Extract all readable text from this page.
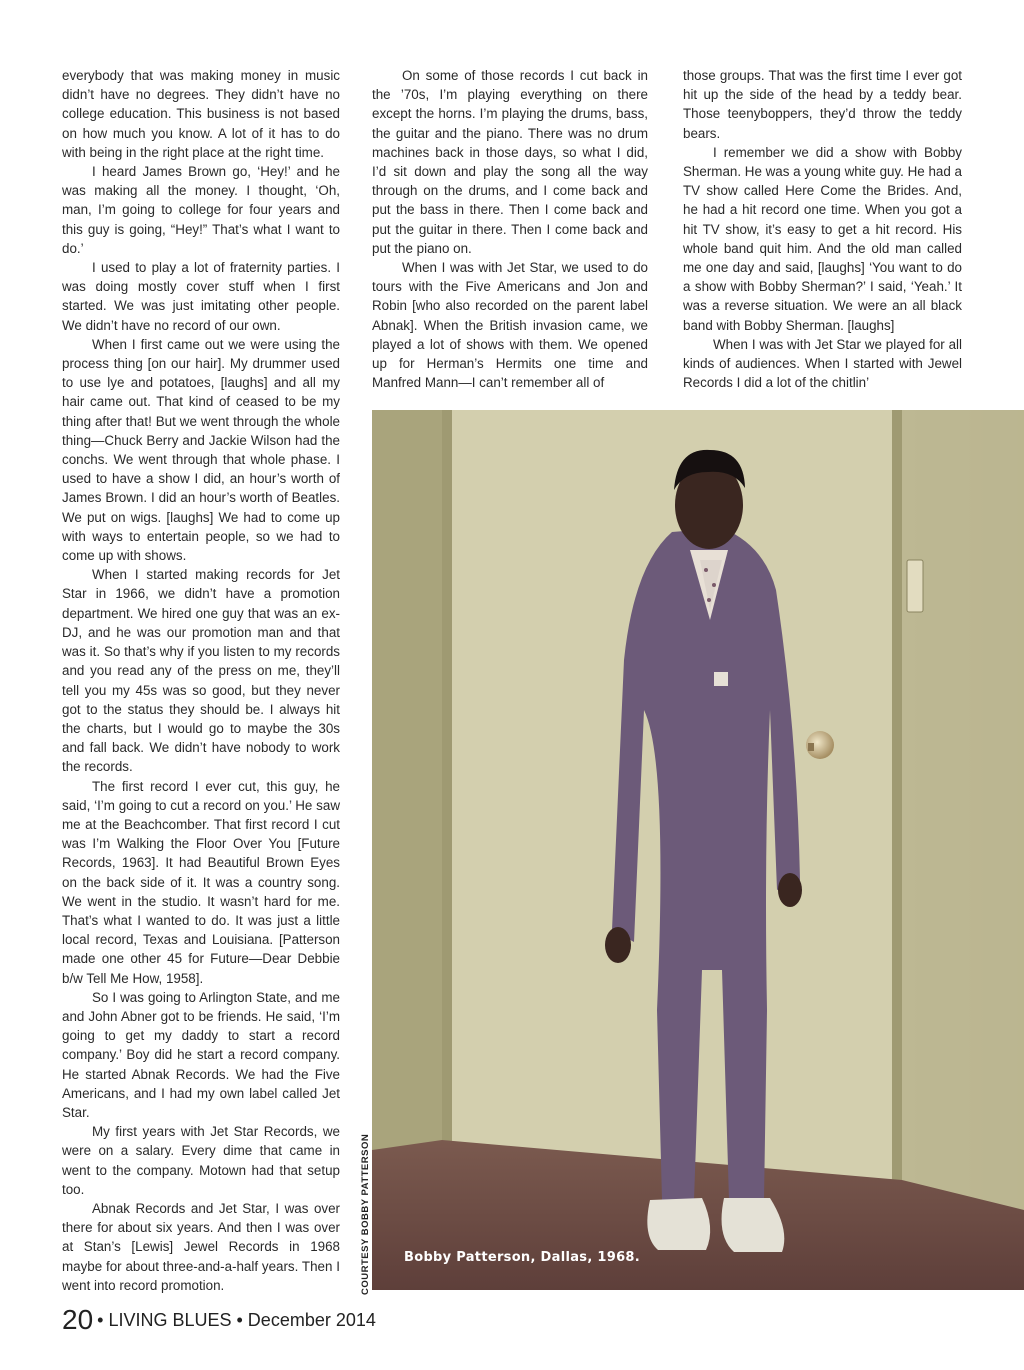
everybody that was making money in music didn’t have no degrees. They didn’t have no college education. This business is not based on how much you know. A lot of it has to do with being in the right place at the right time.

I heard James Brown go, ‘Hey!’ and he was making all the money. I thought, ‘Oh, man, I’m going to college for four years and this guy is going, “Hey!” That’s what I want to do.’

I used to play a lot of fraternity parties. I was doing mostly cover stuff when I first started. We was just imitating other people. We didn’t have no record of our own.

When I first came out we were using the process thing [on our hair]. My drummer used to use lye and potatoes, [laughs] and all my hair came out. That kind of ceased to be my thing after that! But we went through the whole thing—Chuck Berry and Jackie Wilson had the conchs. We went through that whole phase. I used to have a show I did, an hour’s worth of James Brown. I did an hour’s worth of Beatles. We put on wigs. [laughs] We had to come up with ways to entertain people, so we had to come up with shows.

When I started making records for Jet Star in 1966, we didn’t have a promotion department. We hired one guy that was an ex-DJ, and he was our promotion man and that was it. So that’s why if you listen to my records and you read any of the press on me, they’ll tell you my 45s was so good, but they never got to the status they should be. I always hit the charts, but I would go to maybe the 30s and fall back. We didn’t have nobody to work the records.

The first record I ever cut, this guy, he said, ‘I’m going to cut a record on you.’ He saw me at the Beachcomber. That first record I cut was I’m Walking the Floor Over You [Future Records, 1963]. It had Beautiful Brown Eyes on the back side of it. It was a country song. We went in the studio. It wasn’t hard for me. That’s what I wanted to do. It was just a little local record, Texas and Louisiana. [Patterson made one other 45 for Future—Dear Debbie b/w Tell Me How, 1958].

So I was going to Arlington State, and me and John Abner got to be friends. He said, ‘I’m going to get my daddy to start a record company.’ Boy did he start a record company. He started Abnak Records. We had the Five Americans, and I had my own label called Jet Star.

My first years with Jet Star Records, we were on a salary. Every dime that came in went to the company. Motown had that setup too.

Abnak Records and Jet Star, I was over there for about six years. And then I was over at Stan’s [Lewis] Jewel Records in 1968 maybe for about three-and-a-half years. Then I went into record promotion.

On some of those records I cut back in the ’70s, I’m playing everything on there except the horns. I’m playing the drums, bass, the guitar and the piano. There was no drum machines back in those days, so what I did, I’d sit down and play the song all the way through on the drums, and I come back and put the bass in there. Then I come back and put the guitar in there. Then I come back and put the piano on.

When I was with Jet Star, we used to do tours with the Five Americans and Jon and Robin [who also recorded on the parent label Abnak]. When the British invasion came, we played a lot of shows with them. We opened up for Herman’s Hermits one time and Manfred Mann—I can’t remember all of

those groups. That was the first time I ever got hit up the side of the head by a teddy bear. Those teenyboppers, they’d throw the teddy bears.

I remember we did a show with Bobby Sherman. He was a young white guy. He had a TV show called Here Come the Brides. And, he had a hit record one time. When you got a hit TV show, it’s easy to get a hit record. His whole band quit him. And the old man called me one day and said, [laughs] ‘You want to do a show with Bobby Sherman?’ I said, ‘Yeah.’ It was a reverse situation. We were an all black band with Bobby Sherman. [laughs]

When I was with Jet Star we played for all kinds of audiences. When I started with Jewel Records I did a lot of the chitlin’

COURTESY BOBBY PATTERSON	Bobby Patterson, Dallas, 1968.
20 • LIVING BLUES • December 2014
